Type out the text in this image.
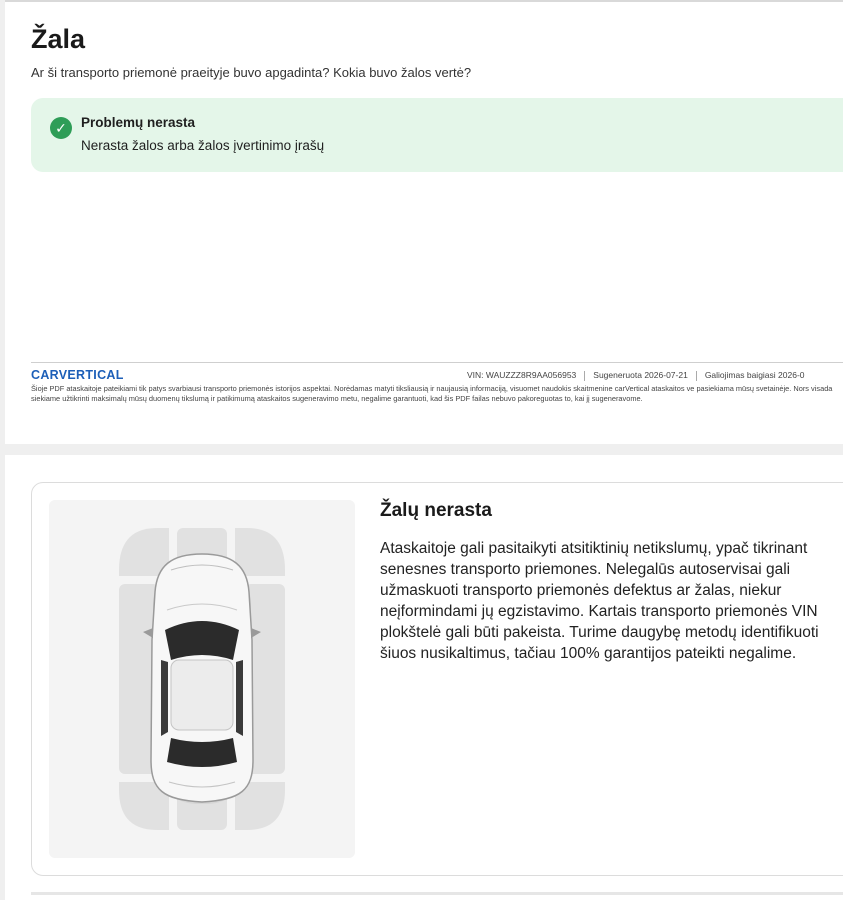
Žala
Ar ši transporto priemonė praeityje buvo apgadinta? Kokia buvo žalos vertė?
✓	Problemų nerasta
Nerasta žalos arba žalos įvertinimo įrašų
CARVERTICAL	VIN: WAUZZZ8R9AA056953 Sugeneruota 2026-07-21 Galiojimas baigiasi 2026-0
Šioje PDF ataskaitoje pateikiami tik patys svarbiausi transporto priemonės istorijos aspektai. Norėdamas matyti tiksliausią ir naujausią informaciją, visuomet naudokis skaitmenine carVertical ataskaitos ve pasiekiama mūsų svetainėje. Nors visada siekiame užtikrinti maksimalų mūsų duomenų tikslumą ir patikimumą ataskaitos sugeneravimo metu, negalime garantuoti, kad šis PDF failas nebuvo pakoreguotas to, kai jį sugeneravome.
Žalų nerasta
Ataskaitoje gali pasitaikyti atsitiktinių netikslumų, ypač tikrinant senesnes transporto priemones. Nelegalūs autoservisai gali užmaskuoti transporto priemonės defektus ar žalas, niekur neįformindami jų egzistavimo. Kartais transporto priemonės VIN plokštelė gali būti pakeista. Turime daugybę metodų identifikuoti šiuos nusikaltimus, tačiau 100% garantijos pateikti negalime.
